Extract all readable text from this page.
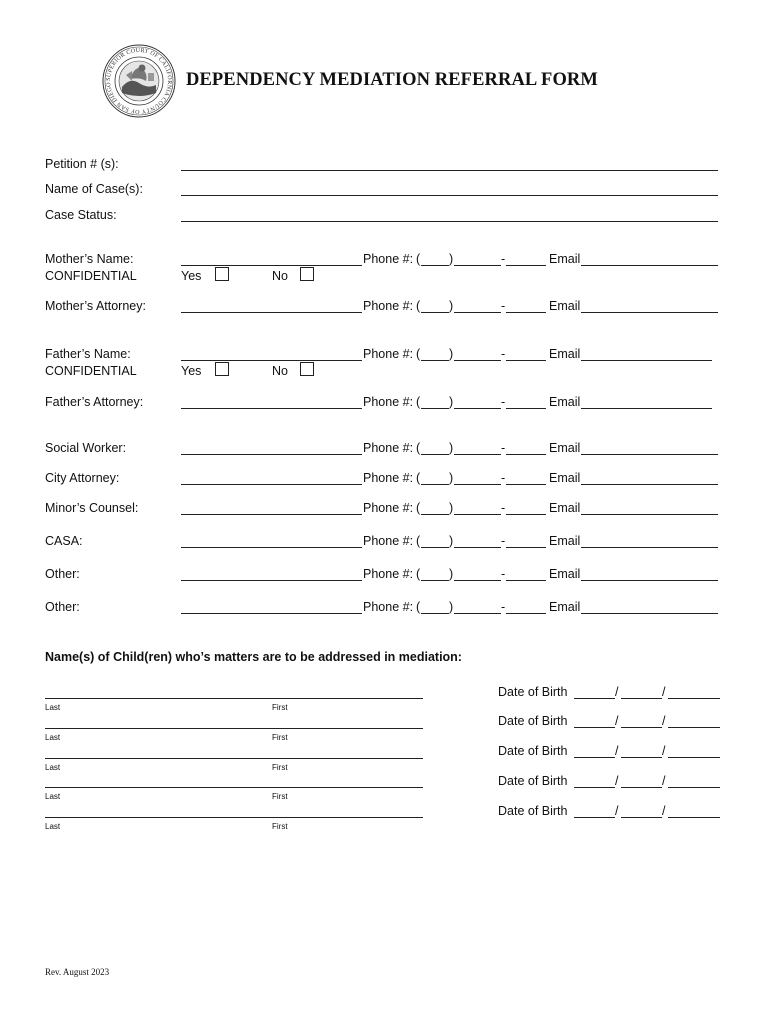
SUPERIOR COURT OF CALIFORNIA COUNTY OF SAN DIEGO	DEPENDENCY MEDIATION REFERRAL FORM
Petition # (s):
Name of Case(s):
Case Status:
Mother’s Name:	Phone #: ( )	-	Email
CONFIDENTIAL	Yes	No
Mother’s Attorney:	Phone #: ( )	-	Email
Father’s Name:	Phone #: ( )	-	Email
CONFIDENTIAL	Yes	No
Father’s Attorney:	Phone #: ( )	-	Email
Social Worker:	Phone #: ( )	-	Email
City Attorney:	Phone #: ( )	-	Email
Minor’s Counsel:	Phone #: ( )	-	Email
CASA:	Phone #: ( )	-	Email
Other:	Phone #: ( )	-	Email
Other:	Phone #: ( )	-	Email
Name(s) of Child(ren) who’s matters are to be addressed in mediation:
Last	First
Date of Birth	/	/
Last	First
Date of Birth	/	/
Last	First
Date of Birth	/	/
Last	First
Date of Birth	/	/
Last	First
Date of Birth	/	/
Rev. August 2023
